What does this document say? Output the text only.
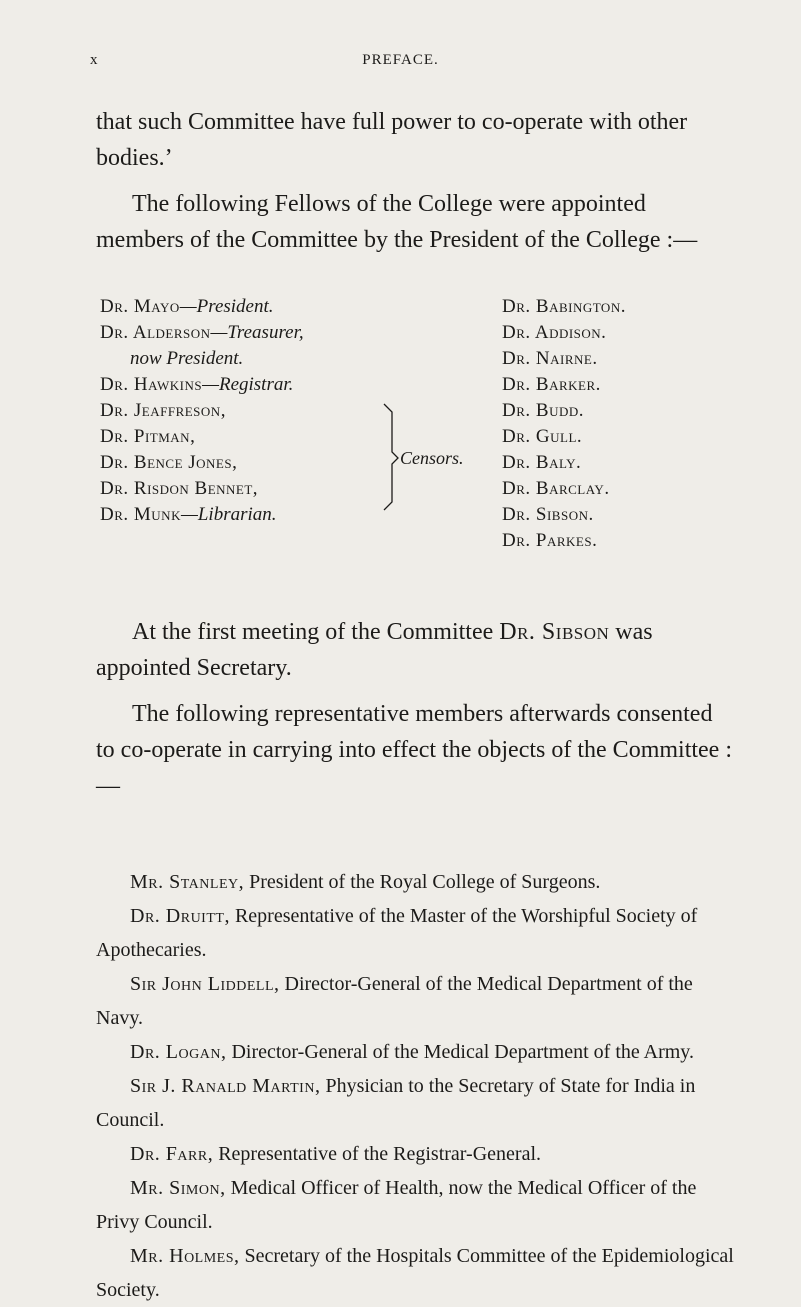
x	PREFACE.

that such Committee have full power to co-operate with other bodies.’

The following Fellows of the College were appointed members of the Committee by the President of the College :—

Dr. Mayo—President.
Dr. Alderson—Treasurer,
now President.
Dr. Hawkins—Registrar.
Dr. Jeaffreson,
Dr. Pitman,
Dr. Bence Jones,
Dr. Risdon Bennet,
Dr. Munk—Librarian.
Dr. Babington.
Dr. Addison.
Dr. Nairne.
Dr. Barker.
Dr. Budd.
Dr. Gull.
Dr. Baly.
Dr. Barclay.
Dr. Sibson.
Dr. Parkes.
Censors.

At the first meeting of the Committee Dr. Sibson was appointed Secretary.

The following representative members afterwards consented to co-operate in carrying into effect the objects of the Committee :—

Mr. Stanley, President of the Royal College of Surgeons.

Dr. Druitt, Representative of the Master of the Worshipful Society of Apothecaries.

Sir John Liddell, Director-General of the Medical Department of the Navy.

Dr. Logan, Director-General of the Medical Department of the Army.

Sir J. Ranald Martin, Physician to the Secretary of State for India in Council.

Dr. Farr, Representative of the Registrar-General.

Mr. Simon, Medical Officer of Health, now the Medical Officer of the Privy Council.

Mr. Holmes, Secretary of the Hospitals Committee of the Epidemiological Society.
